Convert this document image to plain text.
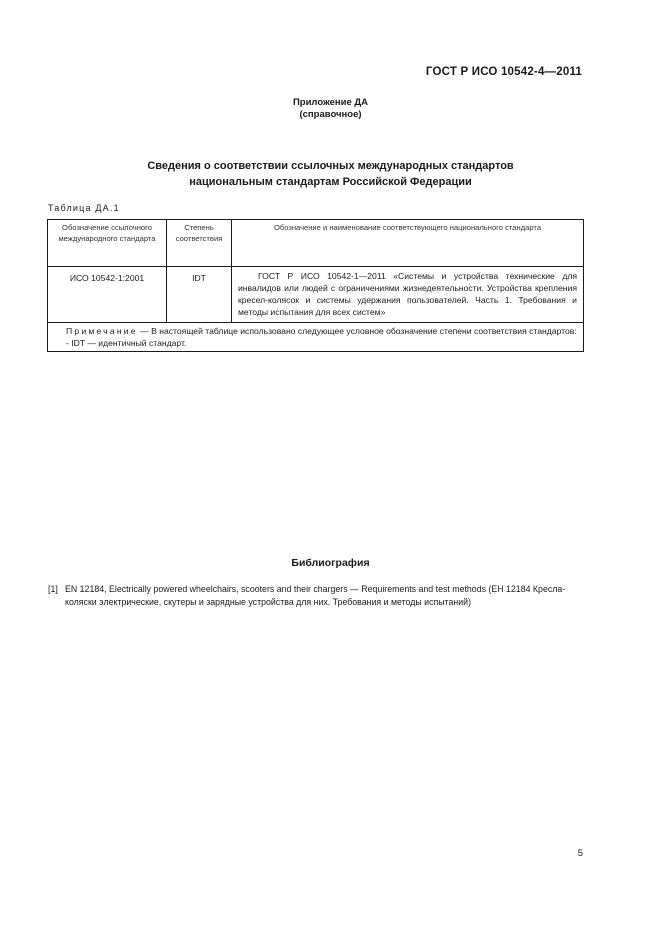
ГОСТ Р ИСО 10542-4—2011
Приложение ДА
(справочное)
Сведения о соответствии ссылочных международных стандартов
национальным стандартам Российской Федерации
Таблица ДА.1
Обозначение ссылочного международного стандарта	Степень соответствия	Обозначение и наименование соответствующего национального стандарта
ИСО 10542-1:2001	IDT	ГОСТ Р ИСО 10542-1—2011 «Системы и устройства технические для инвалидов или людей с ограничениями жизнедеятельности. Устройства крепления кресел-колясок и системы удержания пользователей. Часть 1. Требования и методы испытания для всех систем»

Примечание — В настоящей таблице использовано следующее условное обозначение степени соответствия стандартов:
- IDT — идентичный стандарт.		
Библиография
[1] EN 12184, Electrically powered wheelchairs, scooters and their chargers — Requirements and test methods (ЕН 12184 Кресла-коляски электрические, скутеры и зарядные устройства для них. Требования и методы испытаний)
5
